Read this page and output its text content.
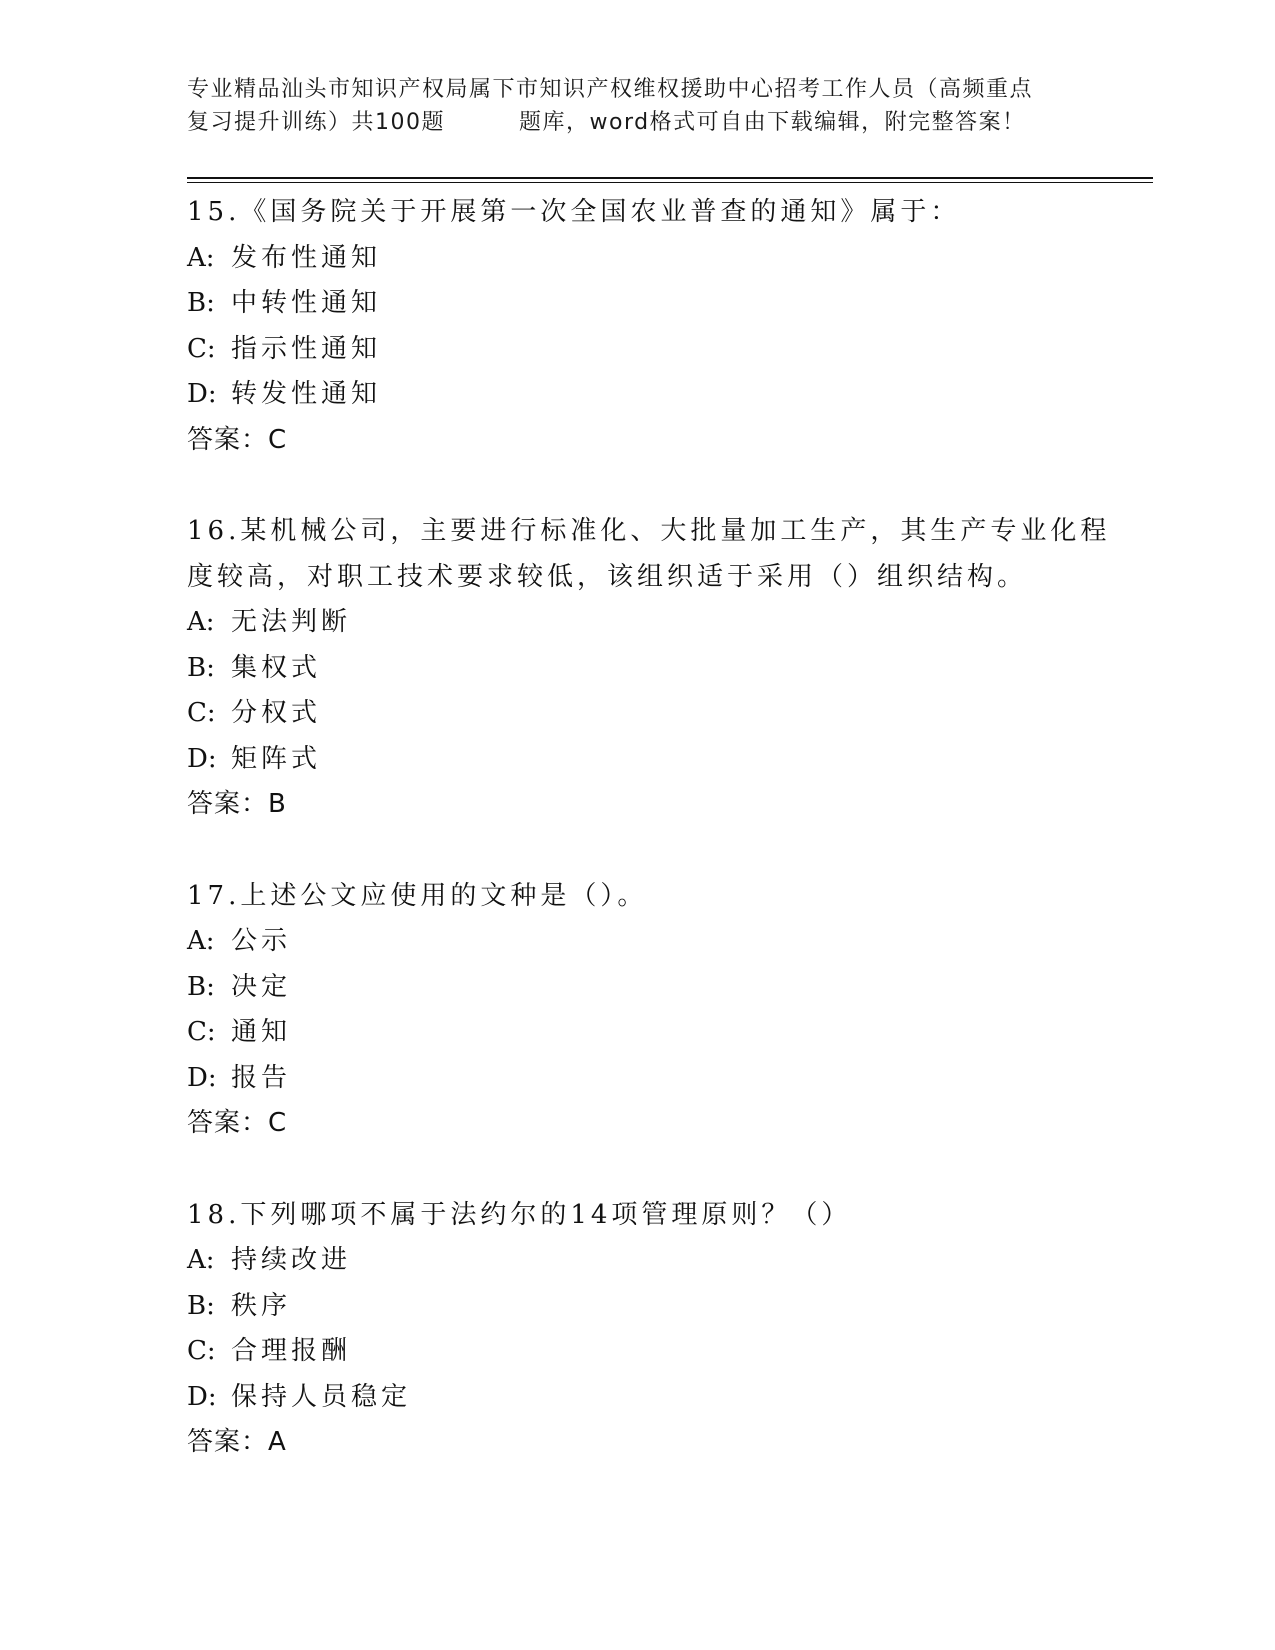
专业精品汕头市知识产权局属下市知识产权维权援助中心招考工作人员（高频重点
复习提升训练）共100题	题库，word格式可自由下载编辑，附完整答案！
15.《国务院关于开展第一次全国农业普查的通知》属于：
A: 发布性通知
B: 中转性通知
C: 指示性通知
D: 转发性通知
答案：C
16.某机械公司，主要进行标准化、大批量加工生产，其生产专业化程度较高，对职工技术要求较低，该组织适于采用（）组织结构。
A: 无法判断
B: 集权式
C: 分权式
D: 矩阵式
答案：B
17.上述公文应使用的文种是（）。
A: 公示
B: 决定
C: 通知
D: 报告
答案：C
18.下列哪项不属于法约尔的14项管理原则？（）
A: 持续改进
B: 秩序
C: 合理报酬
D: 保持人员稳定
答案：A
